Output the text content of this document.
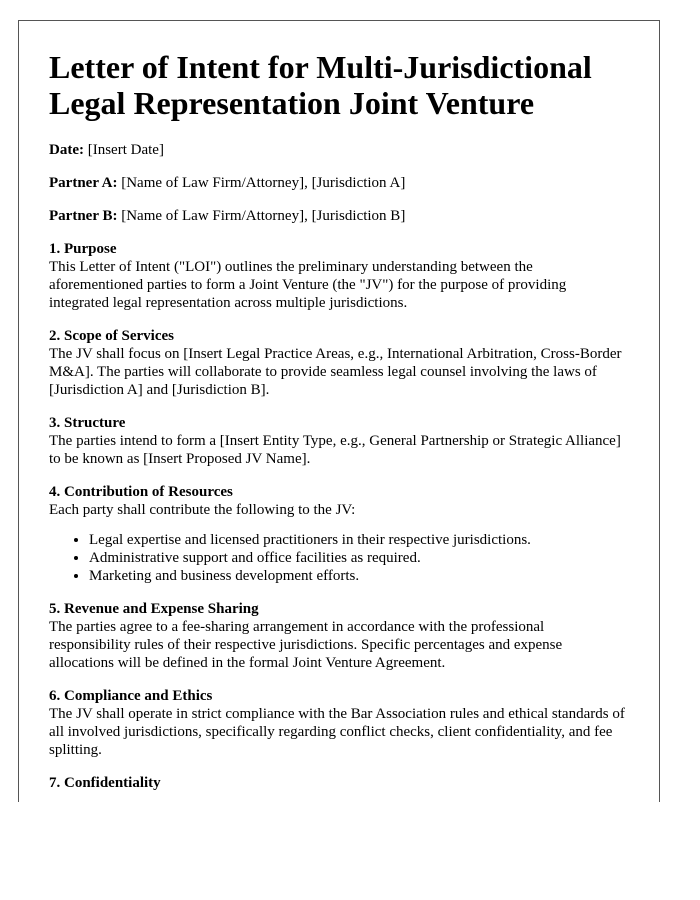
Letter of Intent for Multi-Jurisdictional Legal Representation Joint Venture

Date: [Insert Date]

Partner A: [Name of Law Firm/Attorney], [Jurisdiction A]

Partner B: [Name of Law Firm/Attorney], [Jurisdiction B]

1. Purpose
This Letter of Intent ("LOI") outlines the preliminary understanding between the aforementioned parties to form a Joint Venture (the "JV") for the purpose of providing integrated legal representation across multiple jurisdictions.
2. Scope of Services
The JV shall focus on [Insert Legal Practice Areas, e.g., International Arbitration, Cross-Border M&A]. The parties will collaborate to provide seamless legal counsel involving the laws of [Jurisdiction A] and [Jurisdiction B].
3. Structure
The parties intend to form a [Insert Entity Type, e.g., General Partnership or Strategic Alliance] to be known as [Insert Proposed JV Name].
4. Contribution of Resources
Each party shall contribute the following to the JV:
• Legal expertise and licensed practitioners in their respective jurisdictions.
• Administrative support and office facilities as required.
• Marketing and business development efforts.
5. Revenue and Expense Sharing
The parties agree to a fee-sharing arrangement in accordance with the professional responsibility rules of their respective jurisdictions. Specific percentages and expense allocations will be defined in the formal Joint Venture Agreement.
6. Compliance and Ethics
The JV shall operate in strict compliance with the Bar Association rules and ethical standards of all involved jurisdictions, specifically regarding conflict checks, client confidentiality, and fee splitting.
7. Confidentiality
